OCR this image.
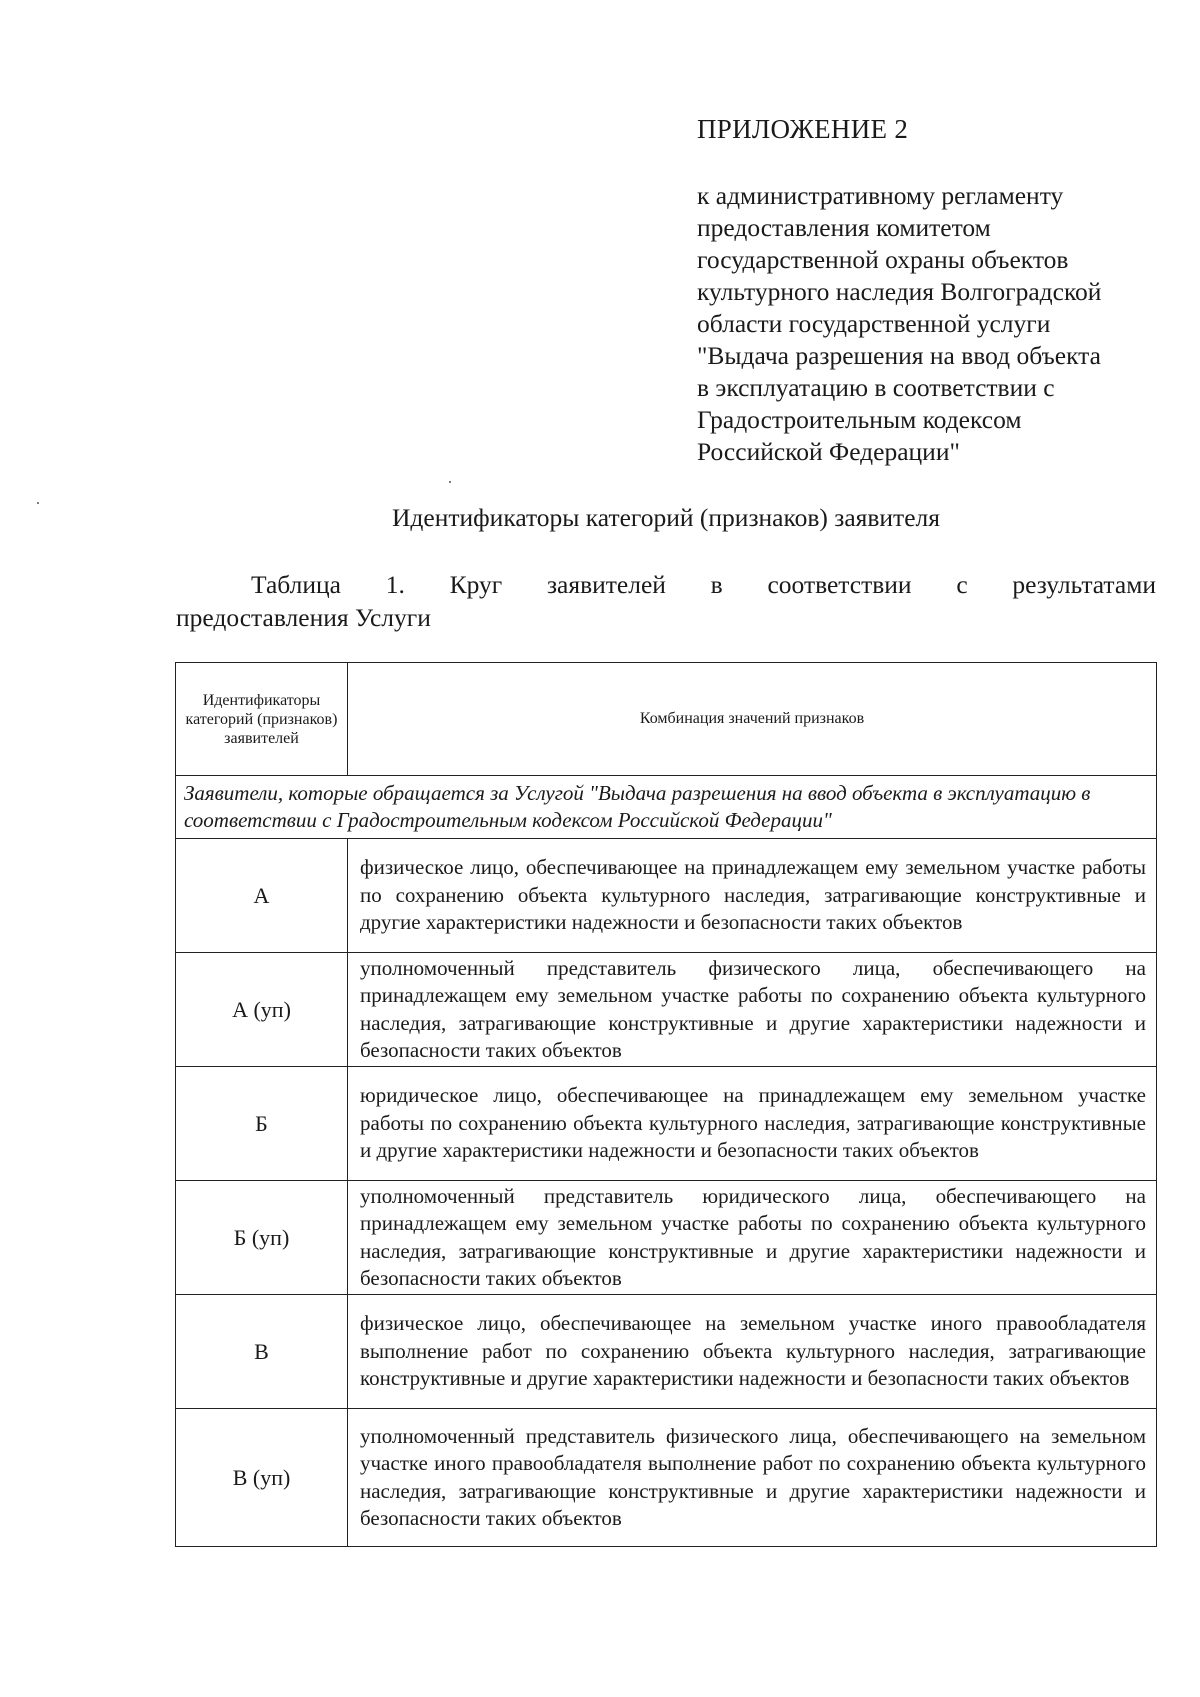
ПРИЛОЖЕНИЕ 2
к административному регламенту
предоставления комитетом
государственной охраны объектов
культурного наследия Волгоградской
области государственной услуги
"Выдача разрешения на ввод объекта
в эксплуатацию в соответствии с
Градостроительным кодексом
Российской Федерации"
Идентификаторы категорий (признаков) заявителя
Таблица 1. Круг заявителей в соответствии с результатами
предоставления Услуги
Идентификаторы категорий (признаков) заявителей	Комбинация значений признаков

Заявители, которые обращается за Услугой "Выдача разрешения на ввод объекта в эксплуатацию в соответствии с Градостроительным кодексом Российской Федерации"	

А	физическое лицо, обеспечивающее на принадлежащем ему земельном участке работы по сохранению объекта культурного наследия, затрагивающие конструктивные и другие характеристики надежности и безопасности таких объектов
А (уп)	уполномоченный представитель физического лица, обеспечивающего на принадлежащем ему земельном участке работы по сохранению объекта культурного наследия, затрагивающие конструктивные и другие характеристики надежности и безопасности таких объектов
Б	юридическое лицо, обеспечивающее на принадлежащем ему земельном участке работы по сохранению объекта культурного наследия, затрагивающие конструктивные и другие характеристики надежности и безопасности таких объектов
Б (уп)	уполномоченный представитель юридического лица, обеспечивающего на принадлежащем ему земельном участке работы по сохранению объекта культурного наследия, затрагивающие конструктивные и другие характеристики надежности и безопасности таких объектов
В	физическое лицо, обеспечивающее на земельном участке иного правообладателя выполнение работ по сохранению объекта культурного наследия, затрагивающие конструктивные и другие характеристики надежности и безопасности таких объектов
В (уп)	уполномоченный представитель физического лица, обеспечивающего на земельном участке иного правообладателя выполнение работ по сохранению объекта культурного наследия, затрагивающие конструктивные и другие характеристики надежности и безопасности таких объектов
